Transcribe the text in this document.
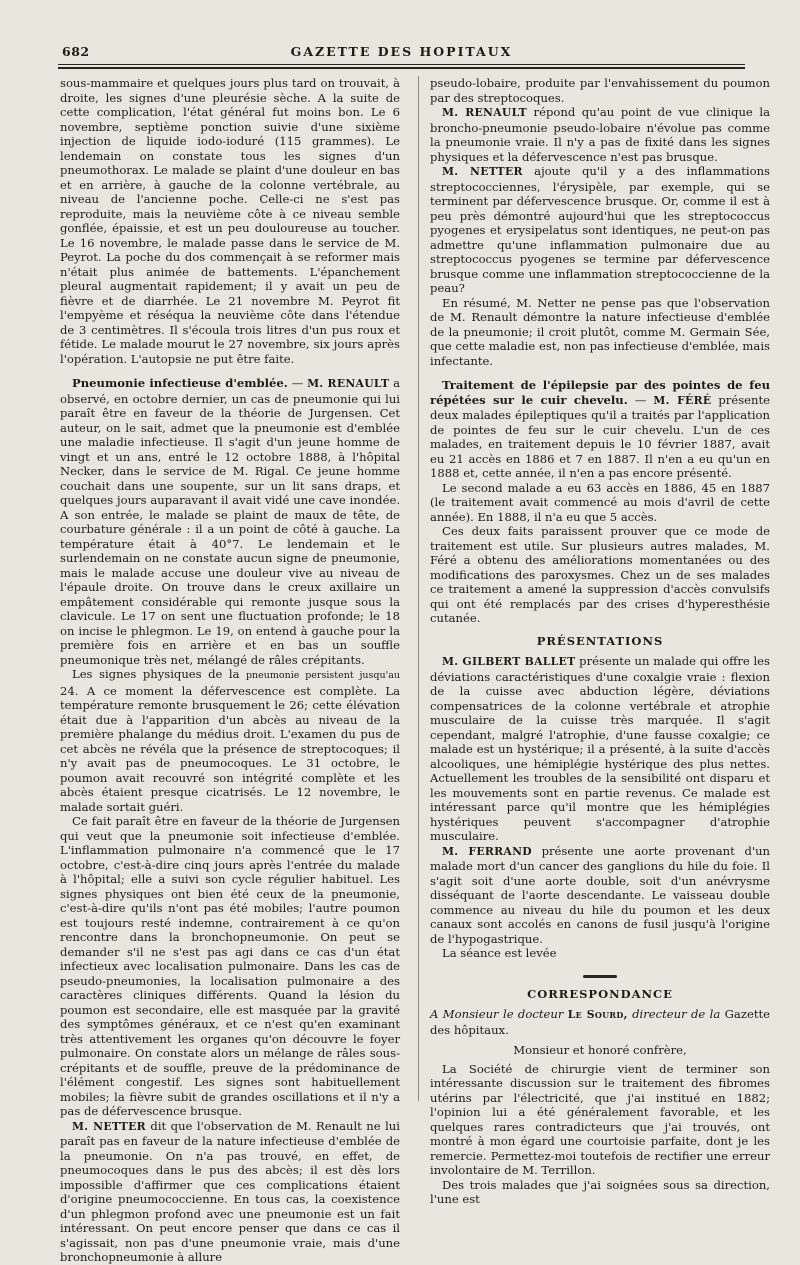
682	GAZETTE DES HOPITAUX

sous-mammaire et quelques jours plus tard on trouvait, à droite, les signes d'une pleurésie sèche. A la suite de cette complication, l'état général fut moins bon. Le 6 novembre, septième ponction suivie d'une sixième injection de liquide iodo-ioduré (115 grammes). Le lendemain on constate tous les signes d'un pneumothorax. Le malade se plaint d'une douleur en bas et en arrière, à gauche de la colonne vertébrale, au niveau de l'ancienne poche. Celle-ci ne s'est pas reproduite, mais la neuvième côte à ce niveau semble gonflée, épaissie, et est un peu douloureuse au toucher. Le 16 novembre, le malade passe dans le service de M. Peyrot. La poche du dos commençait à se reformer mais n'était plus animée de battements. L'épanchement pleural augmentait rapidement; il y avait un peu de fièvre et de diarrhée. Le 21 novembre M. Peyrot fit l'empyème et réséqua la neuvième côte dans l'étendue de 3 centimètres. Il s'écoula trois litres d'un pus roux et fétide. Le malade mourut le 27 novembre, six jours après l'opération. L'autopsie ne put être faite.

Pneumonie infectieuse d'emblée. — M. RENAULT a observé, en octobre dernier, un cas de pneumonie qui lui paraît être en faveur de la théorie de Jurgensen. Cet auteur, on le sait, admet que la pneumonie est d'emblée une maladie infectieuse. Il s'agit d'un jeune homme de vingt et un ans, entré le 12 octobre 1888, à l'hôpital Necker, dans le service de M. Rigal. Ce jeune homme couchait dans une soupente, sur un lit sans draps, et quelques jours auparavant il avait vidé une cave inondée. A son entrée, le malade se plaint de maux de tête, de courbature générale : il a un point de côté à gauche. La température était à 40°7. Le lendemain et le surlendemain on ne constate aucun signe de pneumonie, mais le malade accuse une douleur vive au niveau de l'épaule droite. On trouve dans le creux axillaire un empâtement considérable qui remonte jusque sous la clavicule. Le 17 on sent une fluctuation profonde; le 18 on incise le phlegmon. Le 19, on entend à gauche pour la première fois en arrière et en bas un souffle pneumonique très net, mélangé de râles crépitants.

Les signes physiques de la pneumonie persistent jusqu'au 24. A ce moment la défervescence est complète. La température remonte brusquement le 26; cette élévation était due à l'apparition d'un abcès au niveau de la première phalange du médius droit. L'examen du pus de cet abcès ne révéla que la présence de streptocoques; il n'y avait pas de pneumocoques. Le 31 octobre, le poumon avait recouvré son intégrité complète et les abcès étaient presque cicatrisés. Le 12 novembre, le malade sortait guéri.

Ce fait paraît être en faveur de la théorie de Jurgensen qui veut que la pneumonie soit infectieuse d'emblée. L'inflammation pulmonaire n'a commencé que le 17 octobre, c'est-à-dire cinq jours après l'entrée du malade à l'hôpital; elle a suivi son cycle régulier habituel. Les signes physiques ont bien été ceux de la pneumonie, c'est-à-dire qu'ils n'ont pas été mobiles; l'autre poumon est toujours resté indemne, contrairement à ce qu'on rencontre dans la bronchopneumonie. On peut se demander s'il ne s'est pas agi dans ce cas d'un état infectieux avec localisation pulmonaire. Dans les cas de pseudo-pneumonies, la localisation pulmonaire a des caractères cliniques différents. Quand la lésion du poumon est secondaire, elle est masquée par la gravité des symptômes généraux, et ce n'est qu'en examinant très attentivement les organes qu'on découvre le foyer pulmonaire. On constate alors un mélange de râles sous-crépitants et de souffle, preuve de la prédominance de l'élément congestif. Les signes sont habituellement mobiles; la fièvre subit de grandes oscillations et il n'y a pas de défervescence brusque.

M. NETTER dit que l'observation de M. Renault ne lui paraît pas en faveur de la nature infectieuse d'emblée de la pneumonie. On n'a pas trouvé, en effet, de pneumocoques dans le pus des abcès; il est dès lors impossible d'affirmer que ces complications étaient d'origine pneumococcienne. En tous cas, la coexistence d'un phlegmon profond avec une pneumonie est un fait intéressant. On peut encore penser que dans ce cas il s'agissait, non pas d'une pneumonie vraie, mais d'une bronchopneumonie à allure

pseudo-lobaire, produite par l'envahissement du poumon par des streptocoques.

M. RENAULT répond qu'au point de vue clinique la broncho-pneumonie pseudo-lobaire n'évolue pas comme la pneumonie vraie. Il n'y a pas de fixité dans les signes physiques et la défervescence n'est pas brusque.

M. NETTER ajoute qu'il y a des inflammations streptococciennes, l'érysipèle, par exemple, qui se terminent par défervescence brusque. Or, comme il est à peu près démontré aujourd'hui que les streptococcus pyogenes et erysipelatus sont identiques, ne peut-on pas admettre qu'une inflammation pulmonaire due au streptococcus pyogenes se termine par défervescence brusque comme une inflammation streptococcienne de la peau?

En résumé, M. Netter ne pense pas que l'observation de M. Renault démontre la nature infectieuse d'emblée de la pneumonie; il croit plutôt, comme M. Germain Sée, que cette maladie est, non pas infectieuse d'emblée, mais infectante.

Traitement de l'épilepsie par des pointes de feu répétées sur le cuir chevelu. — M. FÉRÉ présente deux malades épileptiques qu'il a traités par l'application de pointes de feu sur le cuir chevelu. L'un de ces malades, en traitement depuis le 10 février 1887, avait eu 21 accès en 1886 et 7 en 1887. Il n'en a eu qu'un en 1888 et, cette année, il n'en a pas encore présenté.

Le second malade a eu 63 accès en 1886, 45 en 1887 (le traitement avait commencé au mois d'avril de cette année). En 1888, il n'a eu que 5 accès.

Ces deux faits paraissent prouver que ce mode de traitement est utile. Sur plusieurs autres malades, M. Féré a obtenu des améliorations momentanées ou des modifications des paroxysmes. Chez un de ses malades ce traitement a amené la suppression d'accès convulsifs qui ont été remplacés par des crises d'hyperesthésie cutanée.

PRÉSENTATIONS

M. GILBERT BALLET présente un malade qui offre les déviations caractéristiques d'une coxalgie vraie : flexion de la cuisse avec abduction légère, déviations compensatrices de la colonne vertébrale et atrophie musculaire de la cuisse très marquée. Il s'agit cependant, malgré l'atrophie, d'une fausse coxalgie; ce malade est un hystérique; il a présenté, à la suite d'accès alcooliques, une hémiplégie hystérique des plus nettes. Actuellement les troubles de la sensibilité ont disparu et les mouvements sont en partie revenus. Ce malade est intéressant parce qu'il montre que les hémiplégies hystériques peuvent s'accompagner d'atrophie musculaire.

M. FERRAND présente une aorte provenant d'un malade mort d'un cancer des ganglions du hile du foie. Il s'agit soit d'une aorte double, soit d'un anévrysme disséquant de l'aorte descendante. Le vaisseau double commence au niveau du hile du poumon et les deux canaux sont accolés en canons de fusil jusqu'à l'origine de l'hypogastrique.

La séance est levée

CORRESPONDANCE

A Monsieur le docteur Le Sourd, directeur de la Gazette des hôpitaux.

Monsieur et honoré confrère,

La Société de chirurgie vient de terminer son intéressante discussion sur le traitement des fibromes utérins par l'électricité, que j'ai institué en 1882; l'opinion lui a été généralement favorable, et les quelques rares contradicteurs que j'ai trouvés, ont montré à mon égard une courtoisie parfaite, dont je les remercie. Permettez-moi toutefois de rectifier une erreur involontaire de M. Terrillon.

Des trois malades que j'ai soignées sous sa direction, l'une est
